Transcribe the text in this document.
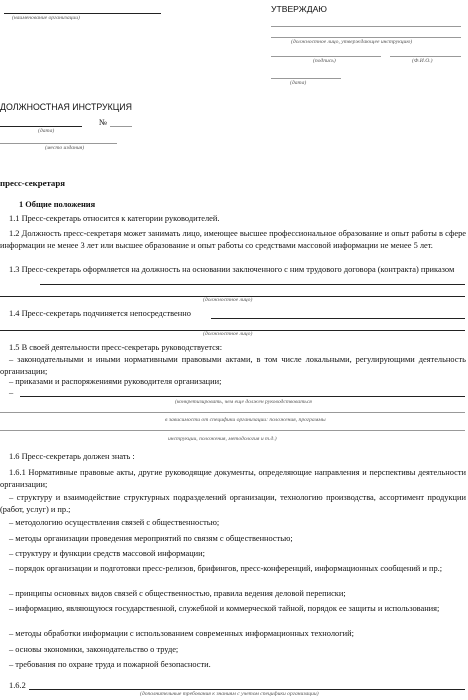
(наименование организации)
УТВЕРЖДАЮ
(должностное лицо, утверждающее инструкцию)
(подпись)	(Ф.И.О.)
(дата)
ДОЛЖНОСТНАЯ ИНСТРУКЦИЯ
(дата)
№
(место издания)
пресс-секретаря
1 Общие положения
1.1 Пресс-секретарь относится к категории руководителей.
1.2 Должность пресс-секретаря может занимать лицо, имеющее высшее профессиональное образование и опыт работы в сфере информации не менее 3 лет или высшее образование и опыт работы со средствами массовой информации не менее 5 лет.
1.3 Пресс-секретарь оформляется на должность на основании заключенного с ним трудового договора (контракта) приказом
(должностное лицо)
1.4 Пресс-секретарь подчиняется непосредственно
(должностное лицо)
1.5 В своей деятельности пресс-секретарь руководствуется:
– законодательными и иными нормативными правовыми актами, в том числе локальными, регулирующими деятельность организации;
– приказами и распоряжениями руководителя организации;
–
(конкретизировать, чем еще должен руководствоваться
в зависимости от специфики организации: положения, программы
инструкции, положения, методология и т.д.)
1.6 Пресс-секретарь должен знать :
1.6.1 Нормативные правовые акты, другие руководящие документы, определяющие направления и перспективы деятельности организации;
– структуру и взаимодействие структурных подразделений организации, технологию производства, ассортимент продукции (работ, услуг) и пр.;
– методологию осуществления связей с общественностью;
– методы организации проведения мероприятий по связям с общественностью;
– структуру и функции средств массовой информации;
– порядок организации и подготовки пресс-релизов, брифингов, пресс-конференций, информационных сообщений и пр.;
– принципы основных видов связей с общественностью, правила ведения деловой переписки;
– информацию, являющуюся государственной, служебной и коммерческой тайной, порядок ее защиты и использования;
– методы обработки информации с использованием современных информационных технологий;
– основы экономики, законодательство о труде;
– требования по охране труда и пожарной безопасности.
1.6.2
(дополнительные требования к знаниям с учетом специфики организации)
